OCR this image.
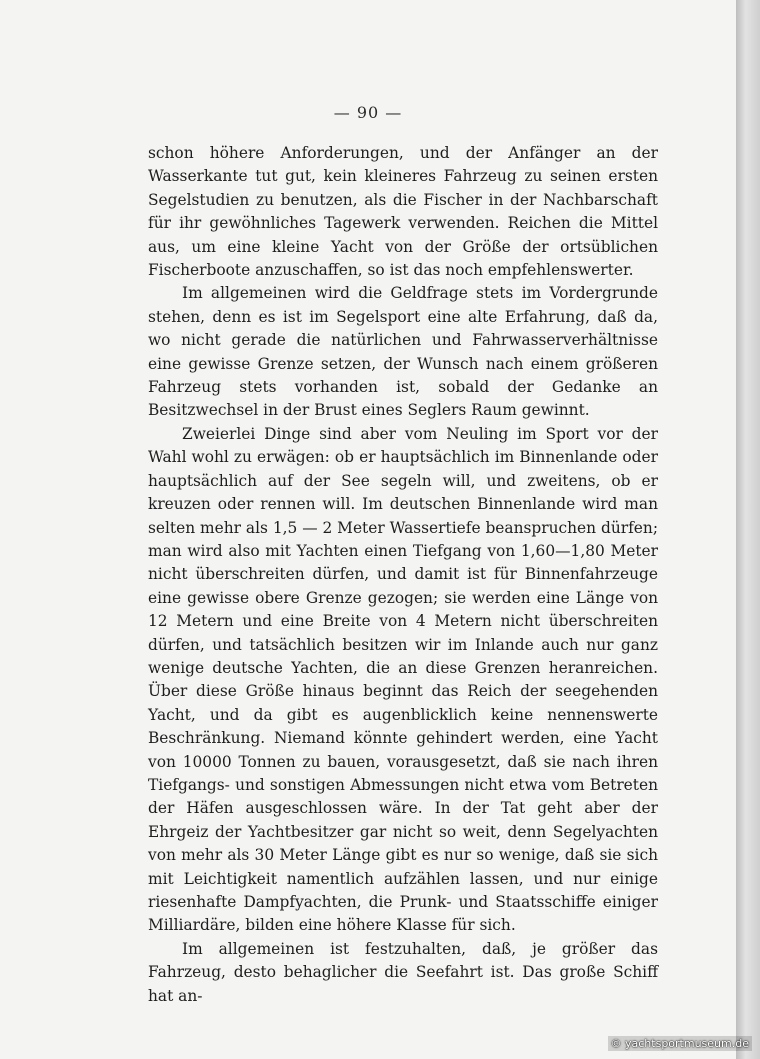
— 90 —

schon höhere Anforderungen, und der Anfänger an der Wasserkante tut gut, kein kleineres Fahrzeug zu seinen ersten Segelstudien zu benutzen, als die Fischer in der Nachbarschaft für ihr gewöhnliches Tagewerk verwenden. Reichen die Mittel aus, um eine kleine Yacht von der Größe der ortsüblichen Fischerboote anzuschaffen, so ist das noch empfehlenswerter.

Im allgemeinen wird die Geldfrage stets im Vordergrunde stehen, denn es ist im Segelsport eine alte Erfahrung, daß da, wo nicht gerade die natürlichen und Fahrwasserverhältnisse eine gewisse Grenze setzen, der Wunsch nach einem größeren Fahrzeug stets vorhanden ist, sobald der Gedanke an Besitzwechsel in der Brust eines Seglers Raum gewinnt.

Zweierlei Dinge sind aber vom Neuling im Sport vor der Wahl wohl zu erwägen: ob er hauptsächlich im Binnenlande oder hauptsächlich auf der See segeln will, und zweitens, ob er kreuzen oder rennen will. Im deutschen Binnenlande wird man selten mehr als 1,5 — 2 Meter Wassertiefe beanspruchen dürfen; man wird also mit Yachten einen Tiefgang von 1,60—1,80 Meter nicht überschreiten dürfen, und damit ist für Binnenfahrzeuge eine gewisse obere Grenze gezogen; sie werden eine Länge von 12 Metern und eine Breite von 4 Metern nicht überschreiten dürfen, und tatsächlich besitzen wir im Inlande auch nur ganz wenige deutsche Yachten, die an diese Grenzen heranreichen. Über diese Größe hinaus beginnt das Reich der seegehenden Yacht, und da gibt es augenblicklich keine nennenswerte Beschränkung. Niemand könnte gehindert werden, eine Yacht von 10000 Tonnen zu bauen, vorausgesetzt, daß sie nach ihren Tiefgangs- und sonstigen Abmessungen nicht etwa vom Betreten der Häfen ausgeschlossen wäre. In der Tat geht aber der Ehrgeiz der Yachtbesitzer gar nicht so weit, denn Segelyachten von mehr als 30 Meter Länge gibt es nur so wenige, daß sie sich mit Leichtigkeit namentlich aufzählen lassen, und nur einige riesenhafte Dampfyachten, die Prunk- und Staatsschiffe einiger Milliardäre, bilden eine höhere Klasse für sich.

Im allgemeinen ist festzuhalten, daß, je größer das Fahrzeug, desto behaglicher die Seefahrt ist. Das große Schiff hat an-

© yachtsportmuseum.de
